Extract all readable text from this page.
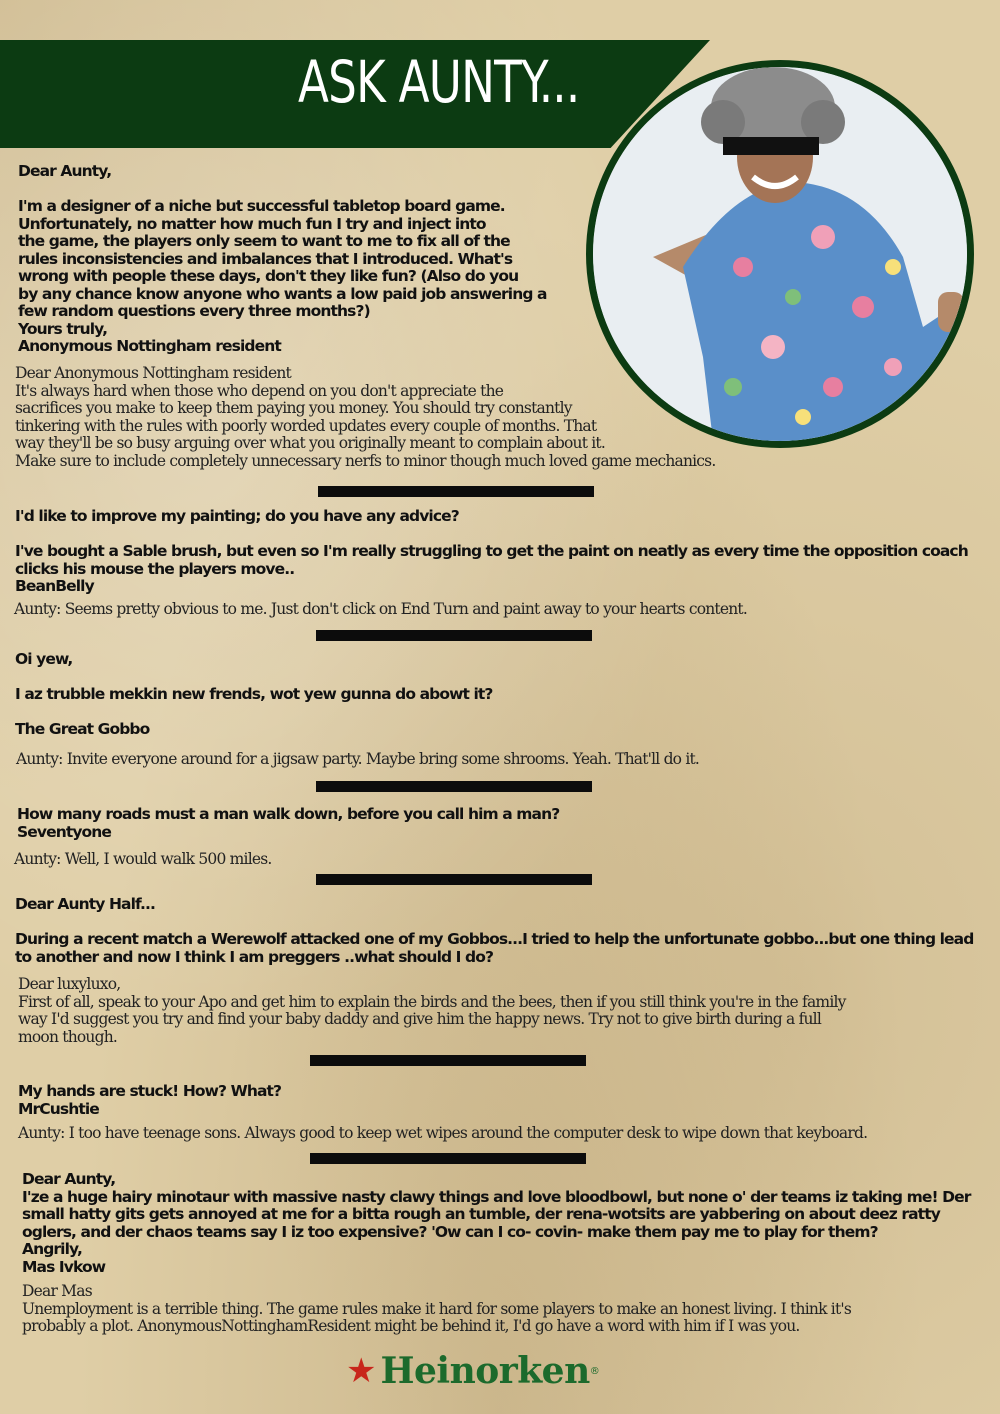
ASK AUNTY...
Dear Aunty,

I'm a designer of a niche but successful tabletop board game.
Unfortunately, no matter how much fun I try and inject into
the game, the players only seem to want to me to fix all of the
rules inconsistencies and imbalances that I introduced. What's
wrong with people these days, don't they like fun? (Also do you
by any chance know anyone who wants a low paid job answering a
few random questions every three months?)
Yours truly,
Anonymous Nottingham resident
Dear Anonymous Nottingham resident
It's always hard when those who depend on you don't appreciate the
sacrifices you make to keep them paying you money. You should try constantly
tinkering with the rules with poorly worded updates every couple of months. That
way they'll be so busy arguing over what you originally meant to complain about it.
Make sure to include completely unnecessary nerfs to minor though much loved game mechanics.
I'd like to improve my painting; do you have any advice?

I've bought a Sable brush, but even so I'm really struggling to get the paint on neatly as every time the opposition coach
clicks his mouse the players move..
BeanBelly
Aunty: Seems pretty obvious to me. Just don't click on End Turn and paint away to your hearts content.
Oi yew,

I az trubble mekkin new frends, wot yew gunna do abowt it?

The Great Gobbo
Aunty: Invite everyone around for a jigsaw party. Maybe bring some shrooms. Yeah. That'll do it.
How many roads must a man walk down, before you call him a man?
Seventyone
Aunty: Well, I would walk 500 miles.
Dear Aunty Half...

During a recent match a Werewolf attacked one of my Gobbos...I tried to help the unfortunate gobbo...but one thing lead
to another and now I think I am preggers ..what should I do?
Dear luxyluxo,
First of all, speak to your Apo and get him to explain the birds and the bees, then if you still think you're in the family
way I'd suggest you try and find your baby daddy and give him the happy news. Try not to give birth during a full
moon though.
My hands are stuck! How? What?
MrCushtie
Aunty: I too have teenage sons. Always good to keep wet wipes around the computer desk to wipe down that keyboard.
Dear Aunty,
I'ze a huge hairy minotaur with massive nasty clawy things and love bloodbowl, but none o' der teams iz taking me! Der
small hatty gits gets annoyed at me for a bitta rough an tumble, der rena-wotsits are yabbering on about deez ratty
oglers, and der chaos teams say I iz too expensive? 'Ow can I co- covin- make them pay me to play for them?
Angrily,
Mas Ivkow
Dear Mas
Unemployment is a terrible thing. The game rules make it hard for some players to make an honest living. I think it's
probably a plot. AnonymousNottinghamResident might be behind it, I'd go have a word with him if I was you.
★ Heinorken ®
